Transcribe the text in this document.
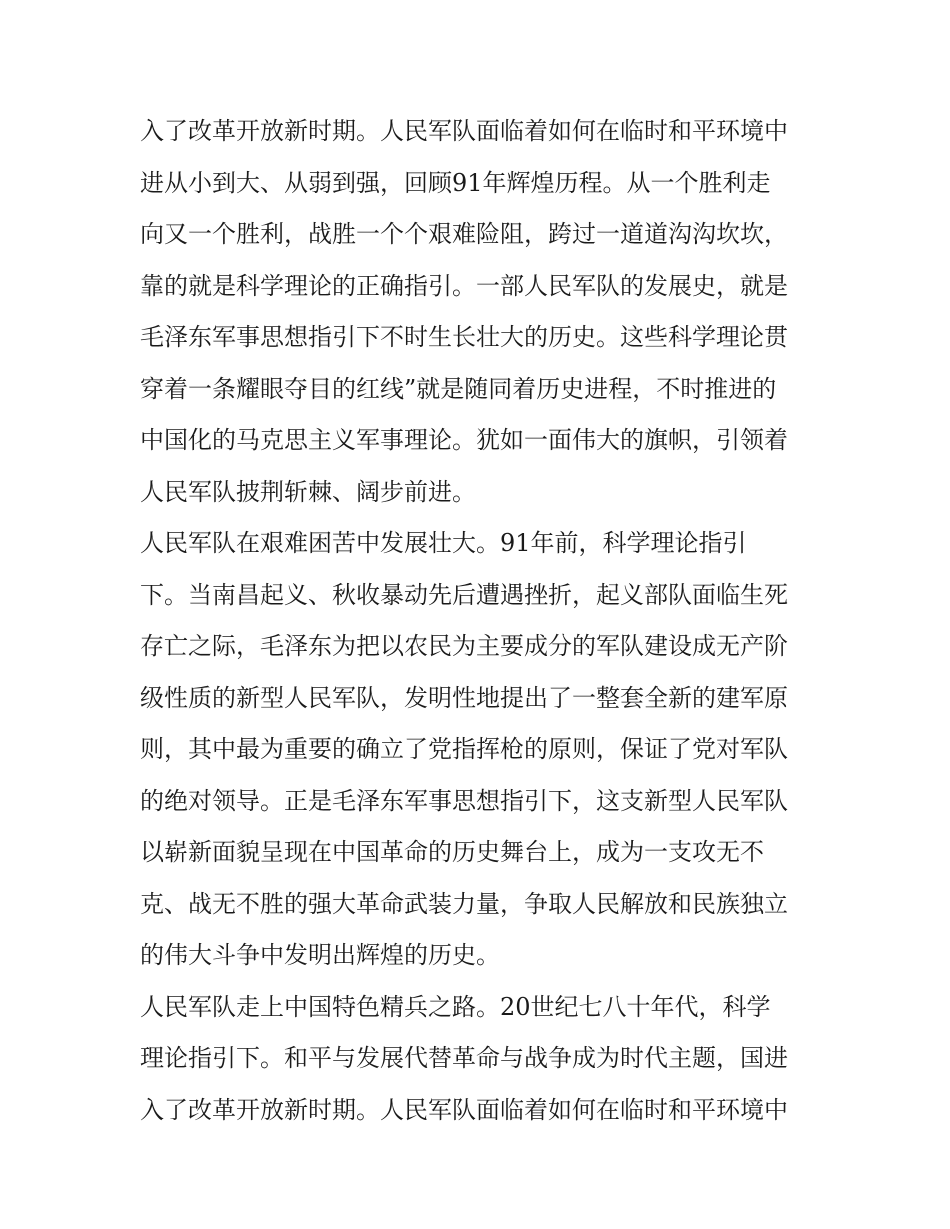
入了改革开放新时期。人民军队面临着如何在临时和平环境中
进从小到大、从弱到强，回顾91年辉煌历程。从一个胜利走
向又一个胜利，战胜一个个艰难险阻，跨过一道道沟沟坎坎，
靠的就是科学理论的正确指引。一部人民军队的发展史，就是
毛泽东军事思想指引下不时生长壮大的历史。这些科学理论贯
穿着一条耀眼夺目的红线”就是随同着历史进程，不时推进的
中国化的马克思主义军事理论。犹如一面伟大的旗帜，引领着
人民军队披荆斩棘、阔步前进。
人民军队在艰难困苦中发展壮大。91年前，科学理论指引
下。当南昌起义、秋收暴动先后遭遇挫折，起义部队面临生死
存亡之际，毛泽东为把以农民为主要成分的军队建设成无产阶
级性质的新型人民军队，发明性地提出了一整套全新的建军原
则，其中最为重要的确立了党指挥枪的原则，保证了党对军队
的绝对领导。正是毛泽东军事思想指引下，这支新型人民军队
以崭新面貌呈现在中国革命的历史舞台上，成为一支攻无不
克、战无不胜的强大革命武装力量，争取人民解放和民族独立
的伟大斗争中发明出辉煌的历史。
人民军队走上中国特色精兵之路。20世纪七八十年代，科学
理论指引下。和平与发展代替革命与战争成为时代主题，国进
入了改革开放新时期。人民军队面临着如何在临时和平环境中
